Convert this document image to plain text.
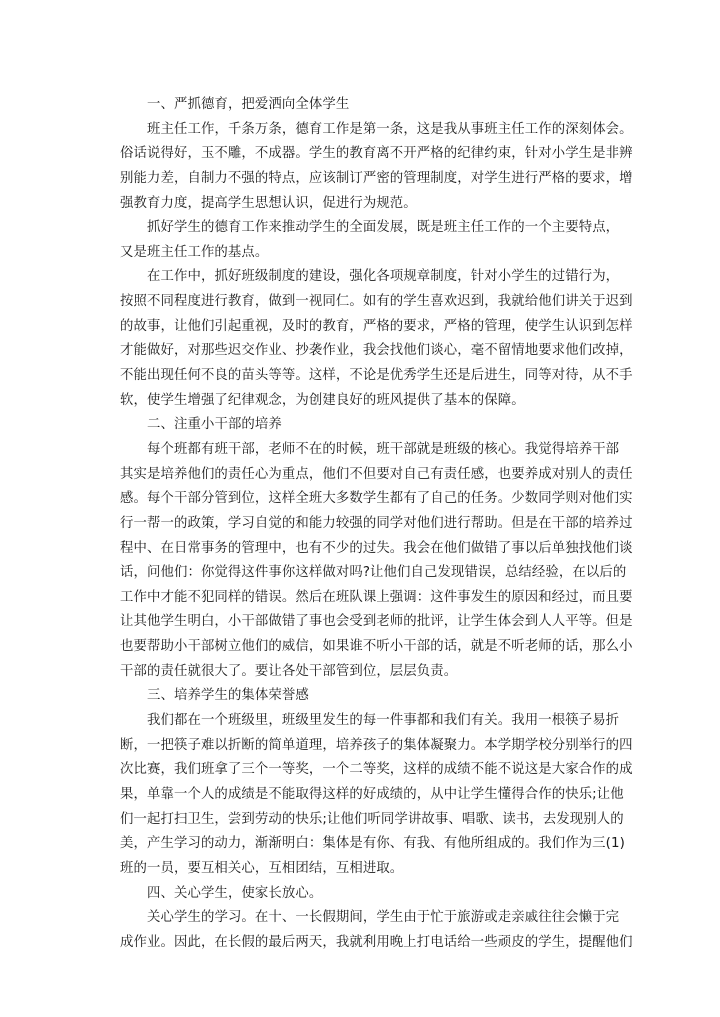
一、严抓德育，把爱洒向全体学生
班主任工作，千条万条，德育工作是第一条，这是我从事班主任工作的深刻体会。
俗话说得好，玉不雕，不成器。学生的教育离不开严格的纪律约束，针对小学生是非辨
别能力差，自制力不强的特点，应该制订严密的管理制度，对学生进行严格的要求，增
强教育力度，提高学生思想认识，促进行为规范。
抓好学生的德育工作来推动学生的全面发展，既是班主任工作的一个主要特点，
又是班主任工作的基点。
在工作中，抓好班级制度的建设，强化各项规章制度，针对小学生的过错行为，
按照不同程度进行教育，做到一视同仁。如有的学生喜欢迟到，我就给他们讲关于迟到
的故事，让他们引起重视，及时的教育，严格的要求，严格的管理，使学生认识到怎样
才能做好，对那些迟交作业、抄袭作业，我会找他们谈心，毫不留情地要求他们改掉，
不能出现任何不良的苗头等等。这样，不论是优秀学生还是后进生，同等对待，从不手
软，使学生增强了纪律观念，为创建良好的班风提供了基本的保障。
二、注重小干部的培养
每个班都有班干部，老师不在的时候，班干部就是班级的核心。我觉得培养干部
其实是培养他们的责任心为重点，他们不但要对自己有责任感，也要养成对别人的责任
感。每个干部分管到位，这样全班大多数学生都有了自己的任务。少数同学则对他们实
行一帮一的政策，学习自觉的和能力较强的同学对他们进行帮助。但是在干部的培养过
程中、在日常事务的管理中，也有不少的过失。我会在他们做错了事以后单独找他们谈
话，问他们：你觉得这件事你这样做对吗?让他们自己发现错误，总结经验，在以后的
工作中才能不犯同样的错误。然后在班队课上强调：这件事发生的原因和经过，而且要
让其他学生明白，小干部做错了事也会受到老师的批评，让学生体会到人人平等。但是
也要帮助小干部树立他们的威信，如果谁不听小干部的话，就是不听老师的话，那么小
干部的责任就很大了。要让各处干部管到位，层层负责。
三、培养学生的集体荣誉感
我们都在一个班级里，班级里发生的每一件事都和我们有关。我用一根筷子易折
断，一把筷子难以折断的简单道理，培养孩子的集体凝聚力。本学期学校分别举行的四
次比赛，我们班拿了三个一等奖，一个二等奖，这样的成绩不能不说这是大家合作的成
果，单靠一个人的成绩是不能取得这样的好成绩的，从中让学生懂得合作的快乐;让他
们一起打扫卫生，尝到劳动的快乐;让他们听同学讲故事、唱歌、读书，去发现别人的
美，产生学习的动力，渐渐明白：集体是有你、有我、有他所组成的。我们作为三(1)
班的一员，要互相关心，互相团结，互相进取。
四、关心学生，使家长放心。
关心学生的学习。在十、一长假期间，学生由于忙于旅游或走亲戚往往会懒于完
成作业。因此，在长假的最后两天，我就利用晚上打电话给一些顽皮的学生，提醒他们
